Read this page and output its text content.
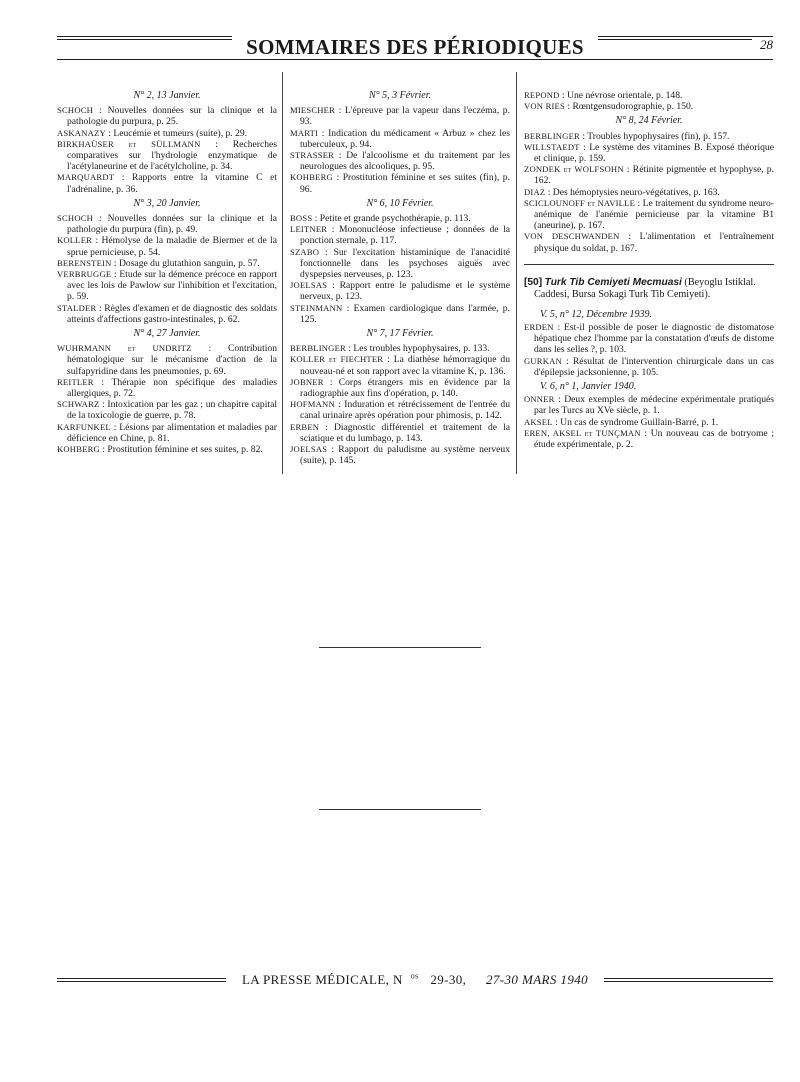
SOMMAIRES DES PÉRIODIQUES	28
N° 2, 13 Janvier.

SCHOCH : Nouvelles données sur la clinique et la pathologie du purpura, p. 25.

ASKANAZY : Leucémie et tumeurs (suite), p. 29.

BIRKHAÜSER et SÜLLMANN : Recherches comparatives sur l'hydrologie enzymatique de l'acétylaneurine et de l'acétylcholine, p. 34.

MARQUARDT : Rapports entre la vitamine C et l'adrénaline, p. 36.

N° 3, 20 Janvier.

SCHOCH : Nouvelles données sur la clinique et la pathologie du purpura (fin), p. 49.

KOLLER : Hémolyse de la maladie de Biermer et de la sprue pernicieuse, p. 54.

BERENSTEIN : Dosage du glutathion sanguin, p. 57.

VERBRUGGE : Etude sur la démence précoce en rapport avec les lois de Pawlow sur l'inhibition et l'excitation, p. 59.

STALDER : Règles d'examen et de diagnostic des soldats atteints d'affections gastro-intestinales, p. 62.

N° 4, 27 Janvier.

WUHRMANN et UNDRITZ : Contribution hématologique sur le mécanisme d'action de la sulfapyridine dans les pneumonies, p. 69.

REITLER : Thérapie non spécifique des maladies allergiques, p. 72.

SCHWARZ : Intoxication par les gaz ; un chapitre capital de la toxicologie de guerre, p. 78.

KARFUNKEL : Lésions par alimentation et maladies par déficience en Chine, p. 81.

KOHBERG : Prostitution féminine et ses suites, p. 82.

N° 5, 3 Février.

MIESCHER : L'épreuve par la vapeur dans l'eczéma, p. 93.

MARTI : Indication du médicament « Arbuz » chez les tuberculeux, p. 94.

STRASSER : De l'alcoolisme et du traitement par les neurologues des alcooliques, p. 95.

KOHBERG : Prostitution féminine et ses suites (fin), p. 96.

N° 6, 10 Février.

BOSS : Petite et grande psychothérapie, p. 113.

LEITNER : Mononucléose infectieuse ; données de la ponction sternale, p. 117.

SZABO : Sur l'excitation histaminique de l'anacidité fonctionnelle dans les psychoses aiguës avec dyspepsies nerveuses, p. 123.

JOELSAS : Rapport entre le paludisme et le système nerveux, p. 123.

STEINMANN : Examen cardiologique dans l'armée, p. 125.

N° 7, 17 Février.

BERBLINGER : Les troubles hypophysaires, p. 133.

KOLLER et FIECHTER : La diathèse hémorragique du nouveau-né et son rapport avec la vitamine K, p. 136.

JOBNER : Corps étrangers mis en évidence par la radiographie aux fins d'opération, p. 140.

HOFMANN : Induration et rétrécissement de l'entrée du canal urinaire après opération pour phimosis, p. 142.

ERBEN : Diagnostic différentiel et traitement de la sciatique et du lumbago, p. 143.

JOELSAS : Rapport du paludisme au système nerveux (suite), p. 145.

REPOND : Une névrose orientale, p. 148.

VON RIES : Rœntgensudorographie, p. 150.

N° 8, 24 Février.

BERBLINGER : Troubles hypophysaires (fin), p. 157.

WILLSTAEDT : Le système des vitamines B. Exposé théorique et clinique, p. 159.

ZONDEK et WOLFSOHN : Rétinite pigmentée et hypophyse, p. 162.

DIAZ : Des hémoptysies neuro-végétatives, p. 163.

SCICLOUNOFF et NAVILLE : Le traitement du syndrome neuro-anémique de l'anémie pernicieuse par la vitamine B1 (aneurine), p. 167.

VON DESCHWANDEN : L'alimentation et l'entraînement physique du soldat, p. 167.

[50] Turk Tib Cemiyeti Mecmuasi (Beyoglu Istiklal. Caddesi, Bursa Sokagi Turk Tib Cemiyeti).
V. 5, n° 12, Décembre 1939.

ERDEN : Est-il possible de poser le diagnostic de distomatose hépatique chez l'homme par la constatation d'œufs de distome dans les selles ?, p. 103.

GURKAN : Résultat de l'intervention chirurgicale dans un cas d'épilepsie jacksonienne, p. 105.

V. 6, n° 1, Janvier 1940.

ONNER : Deux exemples de médecine expérimentale pratiqués par les Turcs au XVe siècle, p. 1.

AKSEL : Un cas de syndrome Guillain-Barré, p. 1.

EREN, AKSEL et TUNÇMAN : Un nouveau cas de botryome ; étude expérimentale, p. 2.

LA PRESSE MÉDICALE, N $^{os}$ 29-30, 27-30 MARS 1940
